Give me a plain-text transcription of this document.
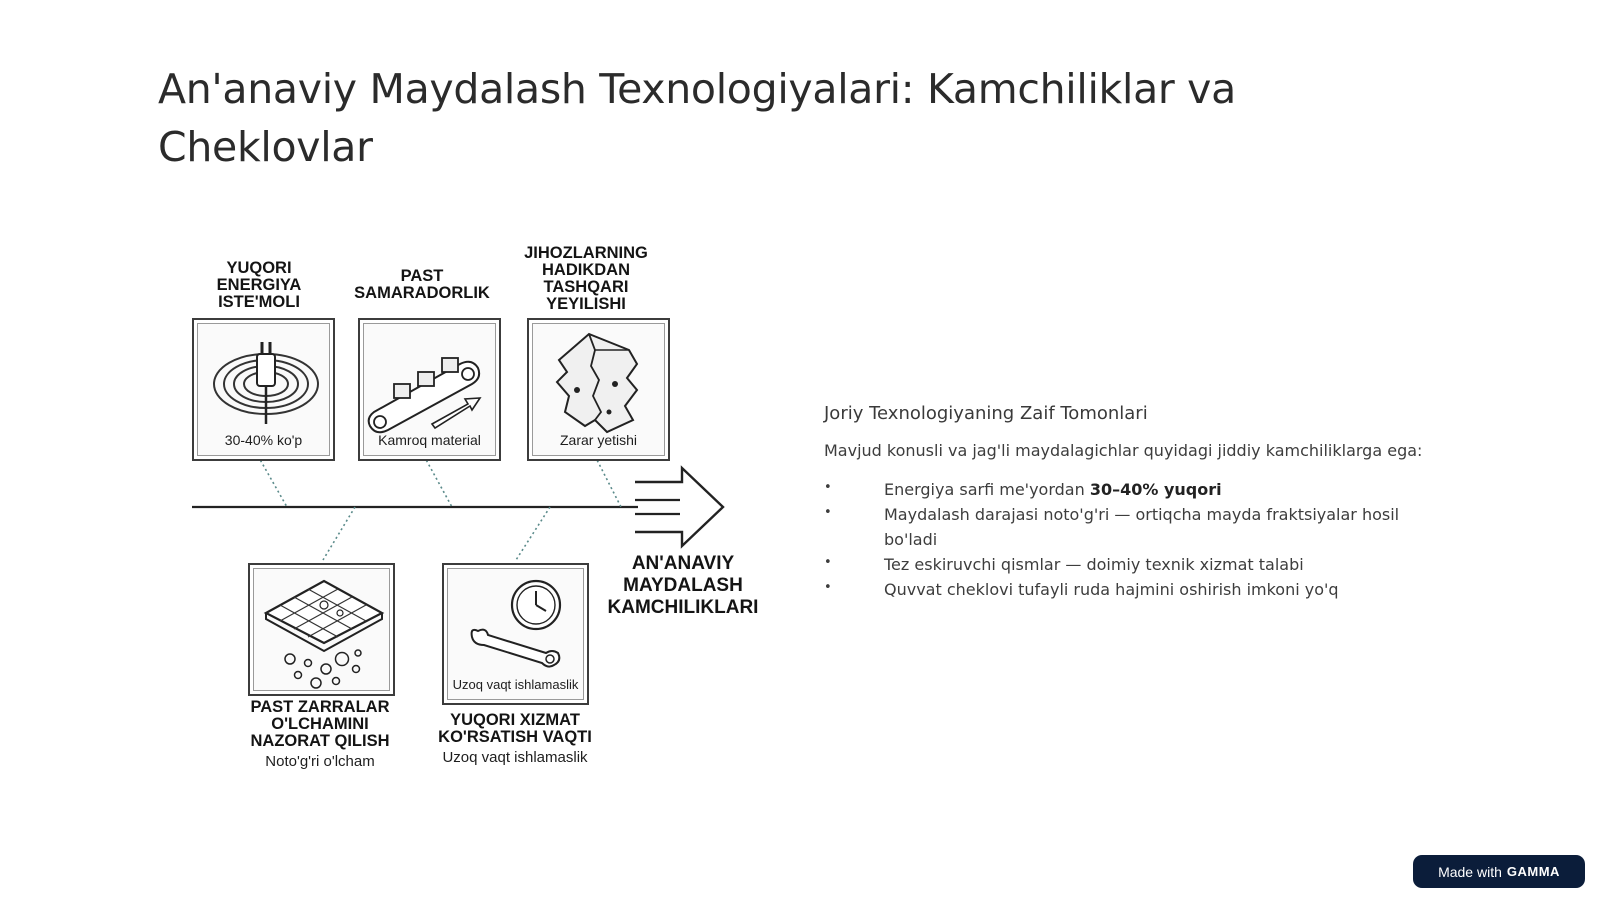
An'anaviy Maydalash Texnologiyalari: Kamchiliklar va Cheklovlar
YUQORI ENERGIYA ISTE'MOLI
30-40% ko'p
PAST SAMARADORLIK
Kamroq material
JIHOZLARNING HADIKDAN TASHQARI YEYILISHI
Zarar yetishi
PAST ZARRALAR O'LCHAMINI NAZORAT QILISH
Noto'g'ri o'lcham
Uzoq vaqt ishlamaslik
YUQORI XIZMAT KO'RSATISH VAQTI
Uzoq vaqt ishlamaslik
AN'ANAVIY MAYDALASH KAMCHILIKLARI
Joriy Texnologiyaning Zaif Tomonlari

Mavjud konusli va jag'li maydalagichlar quyidagi jiddiy kamchiliklarga ega:

•	Energiya sarfi me'yordan 30–40% yuqori
•	Maydalash darajasi noto'g'ri — ortiqcha mayda fraktsiyalar hosil bo'ladi
•	Tez eskiruvchi qismlar — doimiy texnik xizmat talabi
•	Quvvat cheklovi tufayli ruda hajmini oshirish imkoni yo'q
Made with GAMMA
